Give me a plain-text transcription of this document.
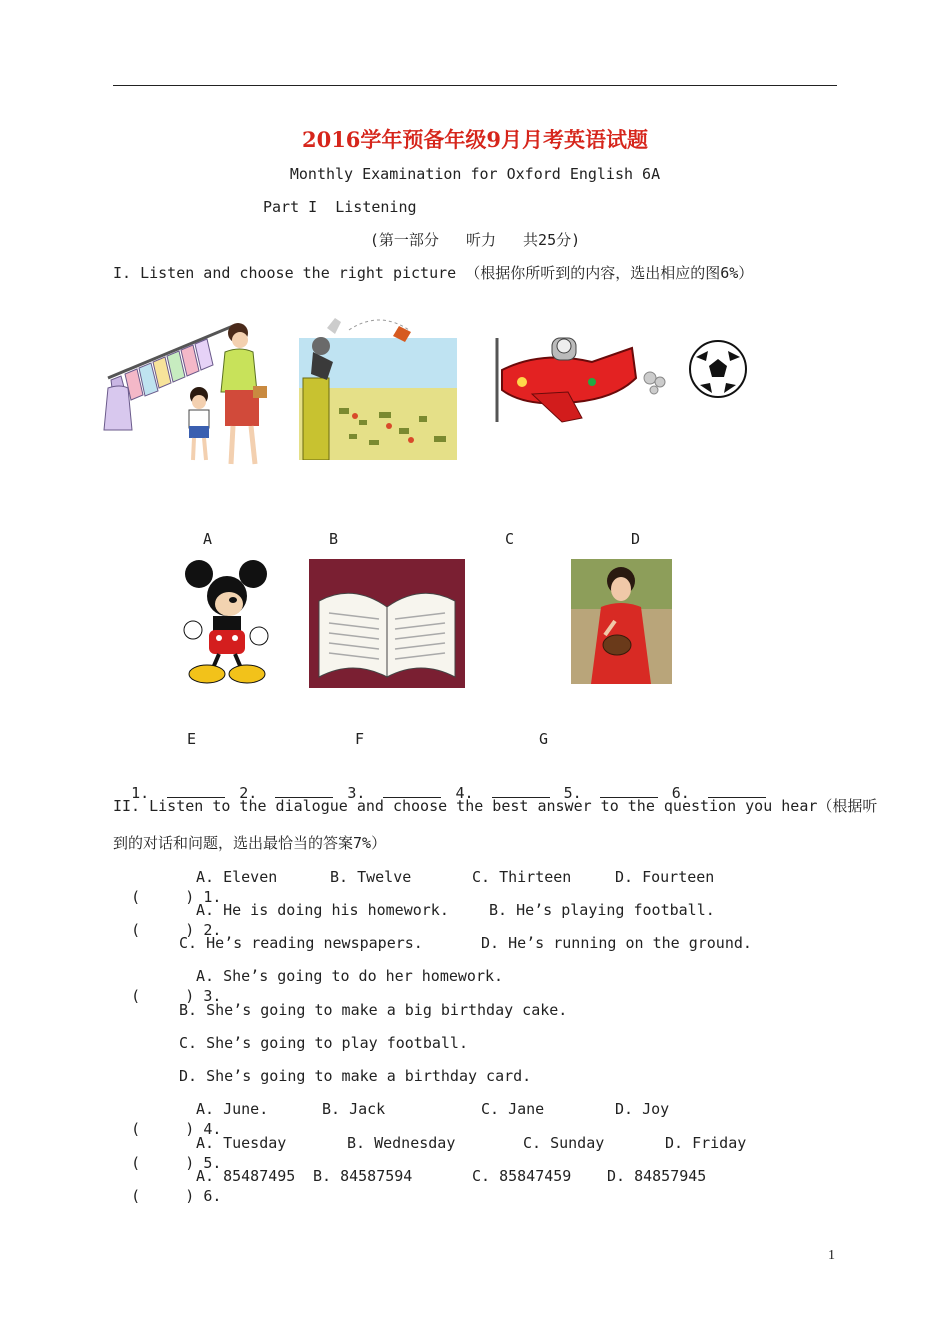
2016学年预备年级9月月考英语试题
Monthly Examination for Oxford English 6A
Part I  Listening
(第一部分   听力   共25分)
I. Listen and choose the right picture （根据你所听到的内容，选出相应的图6%）
A	B	C	D
E	F	G

1.	2.	3.	4.	5.	6.

II. Listen to the dialogue and choose the best answer to the question you hear（根据听
到的对话和问题，选出最恰当的答案7%）

(     ) 1.

A. Eleven	B. Twelve	C. Thirteen	D. Fourteen

(     ) 2.

A. He is doing his homework.	B. He’s playing football.
C. He’s reading newspapers.	D. He’s running on the ground.

(     ) 3.

A. She’s going to do her homework.
B. She’s going to make a big birthday cake.
C. She’s going to play football.
D. She’s going to make a birthday card.

(     ) 4.

A. June.	B. Jack	C. Jane	D. Joy

(     ) 5.

A. Tuesday	B. Wednesday	C. Sunday	D. Friday

(     ) 6.

A. 85487495 B. 84587594	C. 85847459 D. 84857945
1
